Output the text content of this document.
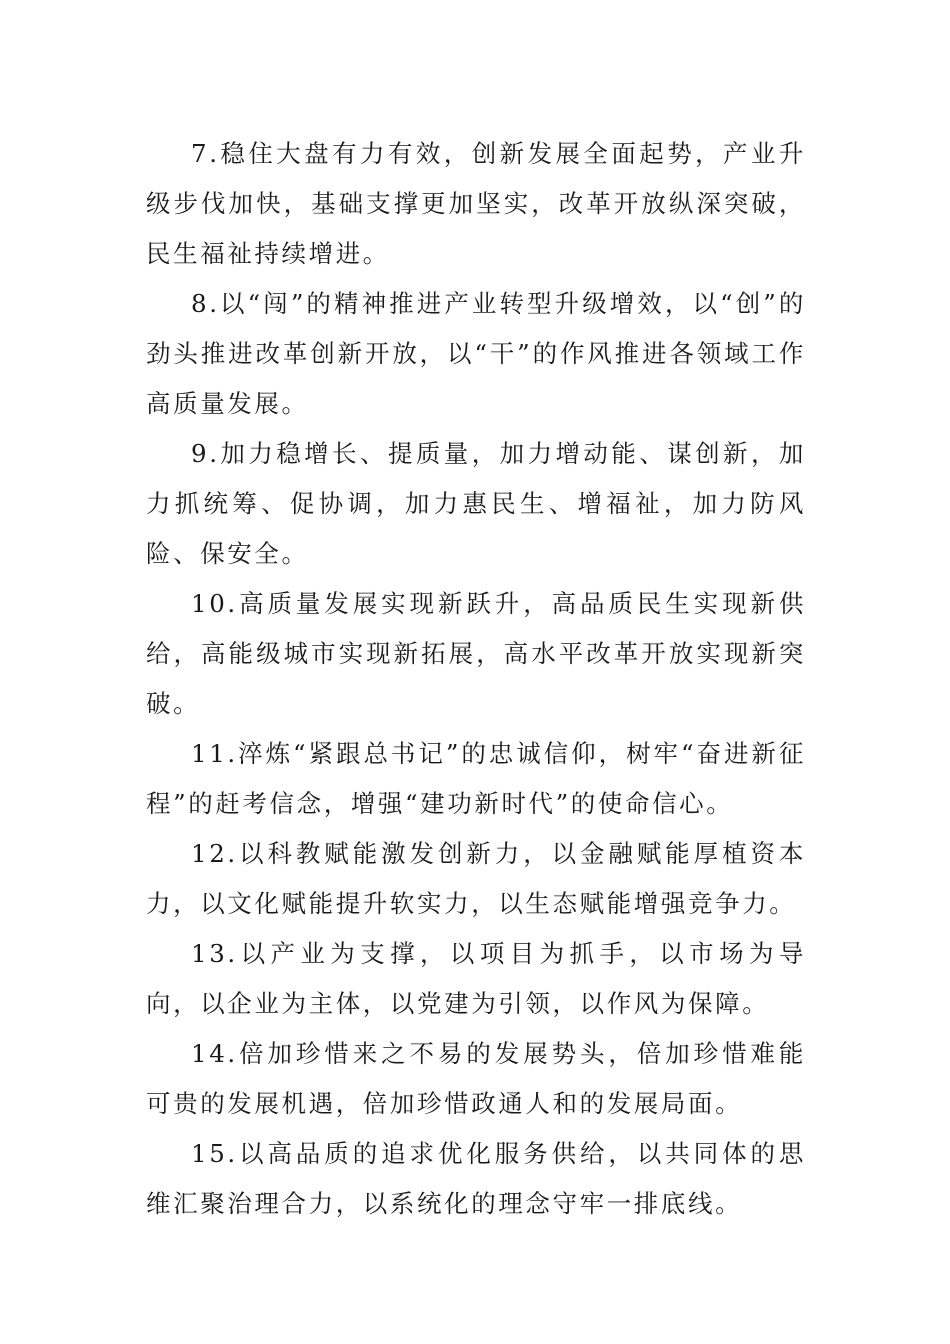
7.稳住大盘有力有效，创新发展全面起势，产业升级步伐加快，基础支撑更加坚实，改革开放纵深突破，民生福祉持续增进。

8.以“闯”的精神推进产业转型升级增效，以“创”的劲头推进改革创新开放，以“干”的作风推进各领域工作高质量发展。

9.加力稳增长、提质量，加力增动能、谋创新，加力抓统筹、促协调，加力惠民生、增福祉，加力防风险、保安全。

10.高质量发展实现新跃升，高品质民生实现新供给，高能级城市实现新拓展，高水平改革开放实现新突破。

11.淬炼“紧跟总书记”的忠诚信仰，树牢“奋进新征程”的赶考信念，增强“建功新时代”的使命信心。

12.以科教赋能激发创新力，以金融赋能厚植资本力，以文化赋能提升软实力，以生态赋能增强竞争力。

13.以产业为支撑，以项目为抓手，以市场为导向，以企业为主体，以党建为引领，以作风为保障。

14.倍加珍惜来之不易的发展势头，倍加珍惜难能可贵的发展机遇，倍加珍惜政通人和的发展局面。

15.以高品质的追求优化服务供给，以共同体的思维汇聚治理合力，以系统化的理念守牢一排底线。
